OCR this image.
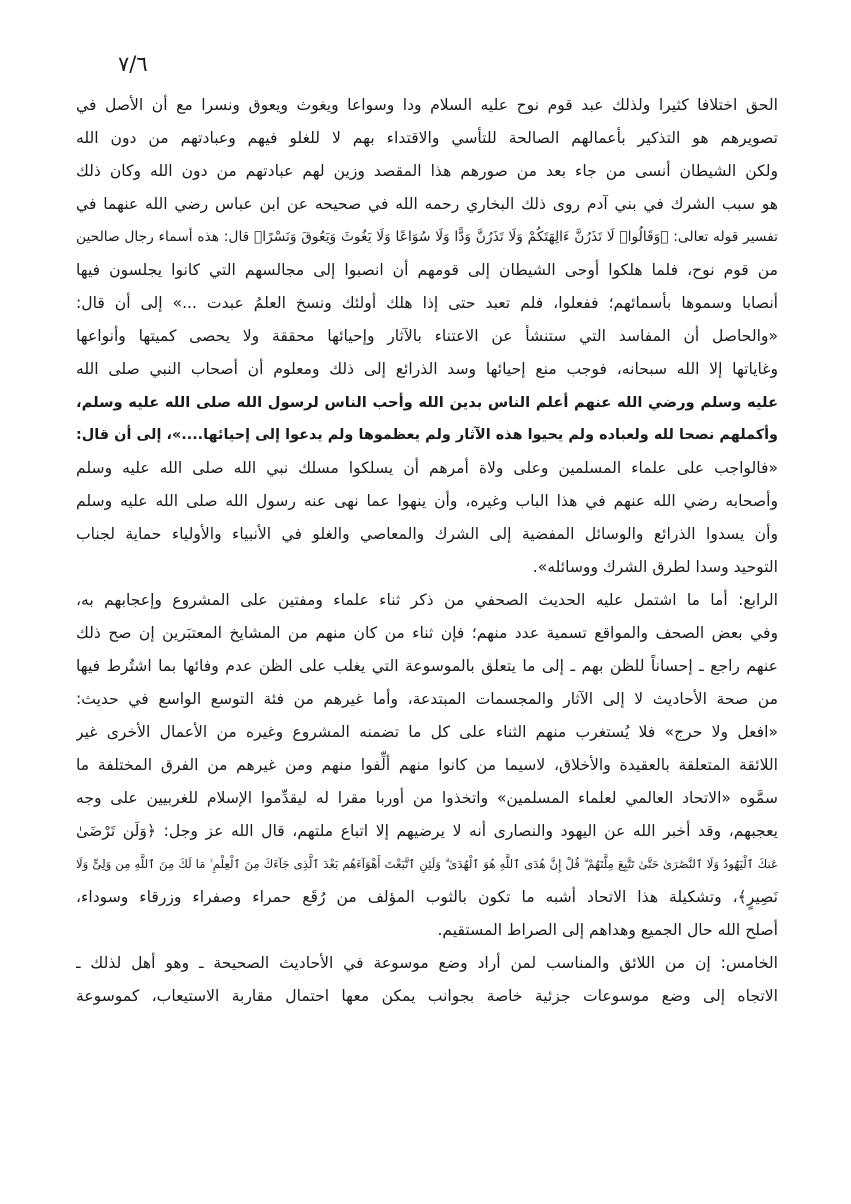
٧/٦
الحق اختلافا كثيرا ولذلك عبد قوم نوح عليه السلام ودا وسواعا ويغوث ويعوق ونسرا مع أن الأصل في
تصويرهم هو التذكير بأعمالهم الصالحة للتأسي والاقتداء بهم لا للغلو فيهم وعبادتهم من دون الله
ولكن الشيطان أنسى من جاء بعد من صورهم هذا المقصد وزين لهم عبادتهم من دون الله وكان ذلك
هو سبب الشرك في بني آدم روى ذلك البخاري رحمه الله في صحيحه عن ابن عباس رضي الله عنهما في
تفسير قوله تعالى: ﴿وَقَالُوا۟ لَا تَذَرُنَّ ءَالِهَتَكُمْ وَلَا تَذَرُنَّ وَدًّا وَلَا سُوَاعًا وَلَا يَغُوثَ وَيَعُوقَ وَنَسْرًا﴾ قال: هذه أسماء رجال صالحين
من قوم نوح، فلما هلكوا أوحى الشيطان إلى قومهم أن انصبوا إلى مجالسهم التي كانوا يجلسون فيها
أنصابا وسموها بأسمائهم؛ ففعلوا، فلم تعبد حتى إذا هلك أولئك ونسخ العلمُ عبدت ...» إلى أن قال:
«والحاصل أن المفاسد التي ستنشأ عن الاعتناء بالآثار وإحيائها محققة ولا يحصى كميتها وأنواعها
وغاياتها إلا الله سبحانه، فوجب منع إحيائها وسد الذرائع إلى ذلك ومعلوم أن أصحاب النبي صلى الله
عليه وسلم ورضي الله عنهم أعلم الناس بدين الله وأحب الناس لرسول الله صلى الله عليه وسلم،
وأكملهم نصحا لله ولعباده ولم يحيوا هذه الآثار ولم يعظموها ولم يدعوا إلى إحيائها....»، إلى أن قال:
«فالواجب على علماء المسلمين وعلى ولاة أمرهم أن يسلكوا مسلك نبي الله صلى الله عليه وسلم
وأصحابه رضي الله عنهم في هذا الباب وغيره، وأن ينهوا عما نهى عنه رسول الله صلى الله عليه وسلم
وأن يسدوا الذرائع والوسائل المفضية إلى الشرك والمعاصي والغلو في الأنبياء والأولياء حماية لجناب
التوحيد وسدا لطرق الشرك ووسائله».
الرابع: أما ما اشتمل عليه الحديث الصحفي من ذكر ثناء علماء ومفتين على المشروع وإعجابهم به،
وفي بعض الصحف والمواقع تسمية عدد منهم؛ فإن ثناء من كان منهم من المشايخ المعتبَرين إن صح ذلك
عنهم راجع ـ إحساناً للظن بهم ـ إلى ما يتعلق بالموسوعة التي يغلب على الظن عدم وفائها بما اشتُرط فيها
من صحة الأحاديث لا إلى الآثار والمجسمات المبتدعة، وأما غيرهم من فئة التوسع الواسع في حديث:
«افعل ولا حرج» فلا يُستغرب منهم الثناء على كل ما تضمنه المشروع وغيره من الأعمال الأخرى غير
اللائقة المتعلقة بالعقيدة والأخلاق، لاسيما من كانوا منهم ألِّفوا منهم ومن غيرهم من الفرق المختلفة ما
سمَّوه «الاتحاد العالمي لعلماء المسلمين» واتخذوا من أوربا مقرا له ليقدِّموا الإسلام للغربيين على وجه
يعجبهم، وقد أخبر الله عن اليهود والنصارى أنه لا يرضيهم إلا اتباع ملتهم، قال الله عز وجل: ﴿وَلَن تَرْضَىٰ
عَنكَ ٱلْيَهُودُ وَلَا ٱلنَّصَٰرَىٰ حَتَّىٰ تَتَّبِعَ مِلَّتَهُمْ ۗ قُلْ إِنَّ هُدَى ٱللَّهِ هُوَ ٱلْهُدَىٰ ۗ وَلَئِنِ ٱتَّبَعْتَ أَهْوَآءَهُم بَعْدَ ٱلَّذِى جَآءَكَ مِنَ ٱلْعِلْمِ ۙ مَا لَكَ مِنَ ٱللَّهِ مِن وَلِىٍّ وَلَا
نَصِيرٍ﴾، وتشكيلة هذا الاتحاد أشبه ما تكون بالثوب المؤلف من رُقَع حمراء وصفراء وزرقاء وسوداء،
أصلح الله حال الجميع وهداهم إلى الصراط المستقيم.
الخامس: إن من اللائق والمناسب لمن أراد وضع موسوعة في الأحاديث الصحيحة ـ وهو أهل لذلك ـ
الاتجاه إلى وضع موسوعات جزئية خاصة بجوانب يمكن معها احتمال مقاربة الاستيعاب، كموسوعة
